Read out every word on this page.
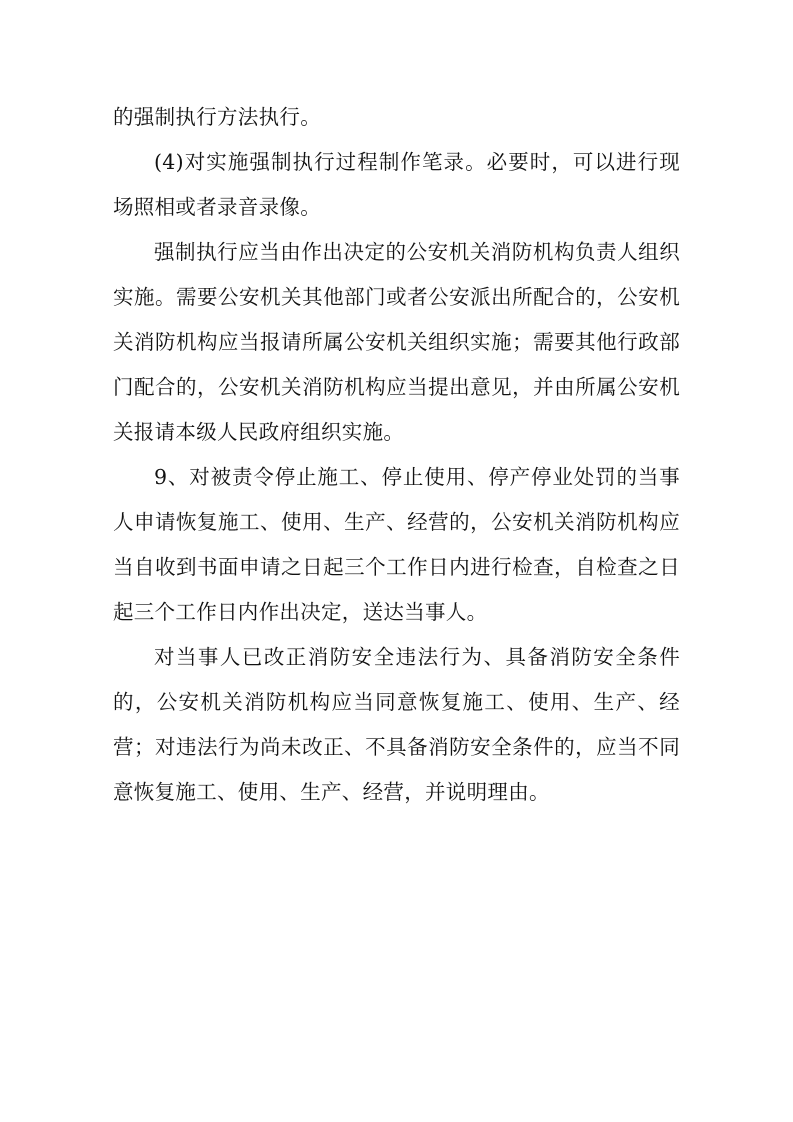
的强制执行方法执行。

(4)对实施强制执行过程制作笔录。必要时，可以进行现场照相或者录音录像。

强制执行应当由作出决定的公安机关消防机构负责人组织实施。需要公安机关其他部门或者公安派出所配合的，公安机关消防机构应当报请所属公安机关组织实施；需要其他行政部门配合的，公安机关消防机构应当提出意见，并由所属公安机关报请本级人民政府组织实施。

9、对被责令停止施工、停止使用、停产停业处罚的当事人申请恢复施工、使用、生产、经营的，公安机关消防机构应当自收到书面申请之日起三个工作日内进行检查，自检查之日起三个工作日内作出决定，送达当事人。

对当事人已改正消防安全违法行为、具备消防安全条件的，公安机关消防机构应当同意恢复施工、使用、生产、经营；对违法行为尚未改正、不具备消防安全条件的，应当不同意恢复施工、使用、生产、经营，并说明理由。
